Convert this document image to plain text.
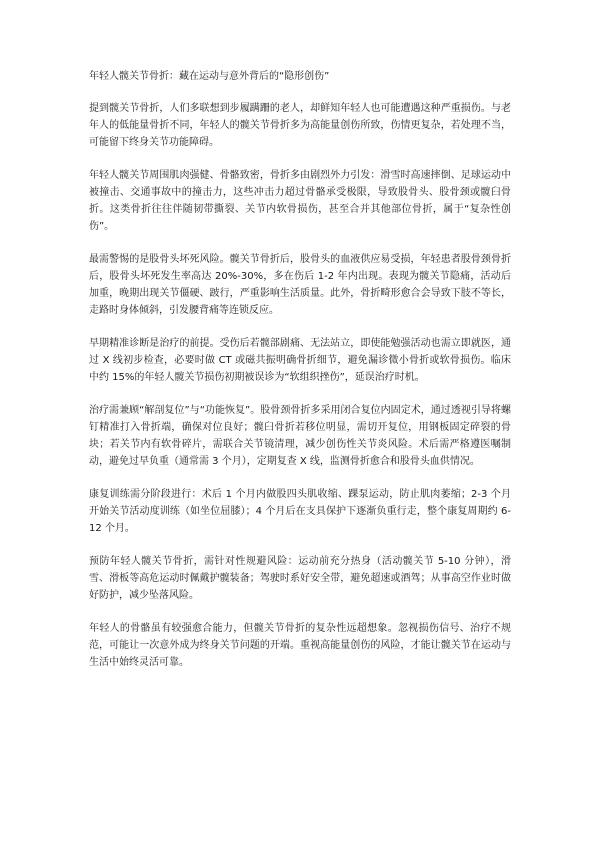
年轻人髋关节骨折：藏在运动与意外背后的“隐形创伤”

提到髋关节骨折，人们多联想到步履蹒跚的老人，却鲜知年轻人也可能遭遇这种严重损伤。与老年人的低能量骨折不同，年轻人的髋关节骨折多为高能量创伤所致，伤情更复杂，若处理不当，可能留下终身关节功能障碍。

年轻人髋关节周围肌肉强健、骨骼致密，骨折多由剧烈外力引发：滑雪时高速摔倒、足球运动中被撞击、交通事故中的撞击力，这些冲击力超过骨骼承受极限，导致股骨头、股骨颈或髋臼骨折。这类骨折往往伴随韧带撕裂、关节内软骨损伤，甚至合并其他部位骨折，属于“复杂性创伤”。

最需警惕的是股骨头坏死风险。髋关节骨折后，股骨头的血液供应易受损，年轻患者股骨颈骨折后，股骨头坏死发生率高达 20%-30%，多在伤后 1-2 年内出现。表现为髋关节隐痛，活动后加重，晚期出现关节僵硬、跛行，严重影响生活质量。此外，骨折畸形愈合会导致下肢不等长，走路时身体倾斜，引发腰背痛等连锁反应。

早期精准诊断是治疗的前提。受伤后若髋部剧痛、无法站立，即使能勉强活动也需立即就医，通过 X 线初步检查，必要时做 CT 或磁共振明确骨折细节，避免漏诊微小骨折或软骨损伤。临床中约 15%的年轻人髋关节损伤初期被误诊为“软组织挫伤”，延误治疗时机。

治疗需兼顾“解剖复位”与“功能恢复”。股骨颈骨折多采用闭合复位内固定术，通过透视引导将螺钉精准打入骨折端，确保对位良好；髋臼骨折若移位明显，需切开复位，用钢板固定碎裂的骨块；若关节内有软骨碎片，需联合关节镜清理，减少创伤性关节炎风险。术后需严格遵医嘱制动，避免过早负重（通常需 3 个月），定期复查 X 线，监测骨折愈合和股骨头血供情况。

康复训练需分阶段进行：术后 1 个月内做股四头肌收缩、踝泵运动，防止肌肉萎缩；2-3 个月开始关节活动度训练（如坐位屈膝）；4 个月后在支具保护下逐渐负重行走，整个康复周期约 6-12 个月。

预防年轻人髋关节骨折，需针对性规避风险：运动前充分热身（活动髋关节 5-10 分钟），滑雪、滑板等高危运动时佩戴护髋装备；驾驶时系好安全带，避免超速或酒驾；从事高空作业时做好防护，减少坠落风险。

年轻人的骨骼虽有较强愈合能力，但髋关节骨折的复杂性远超想象。忽视损伤信号、治疗不规范，可能让一次意外成为终身关节问题的开端。重视高能量创伤的风险，才能让髋关节在运动与生活中始终灵活可靠。
